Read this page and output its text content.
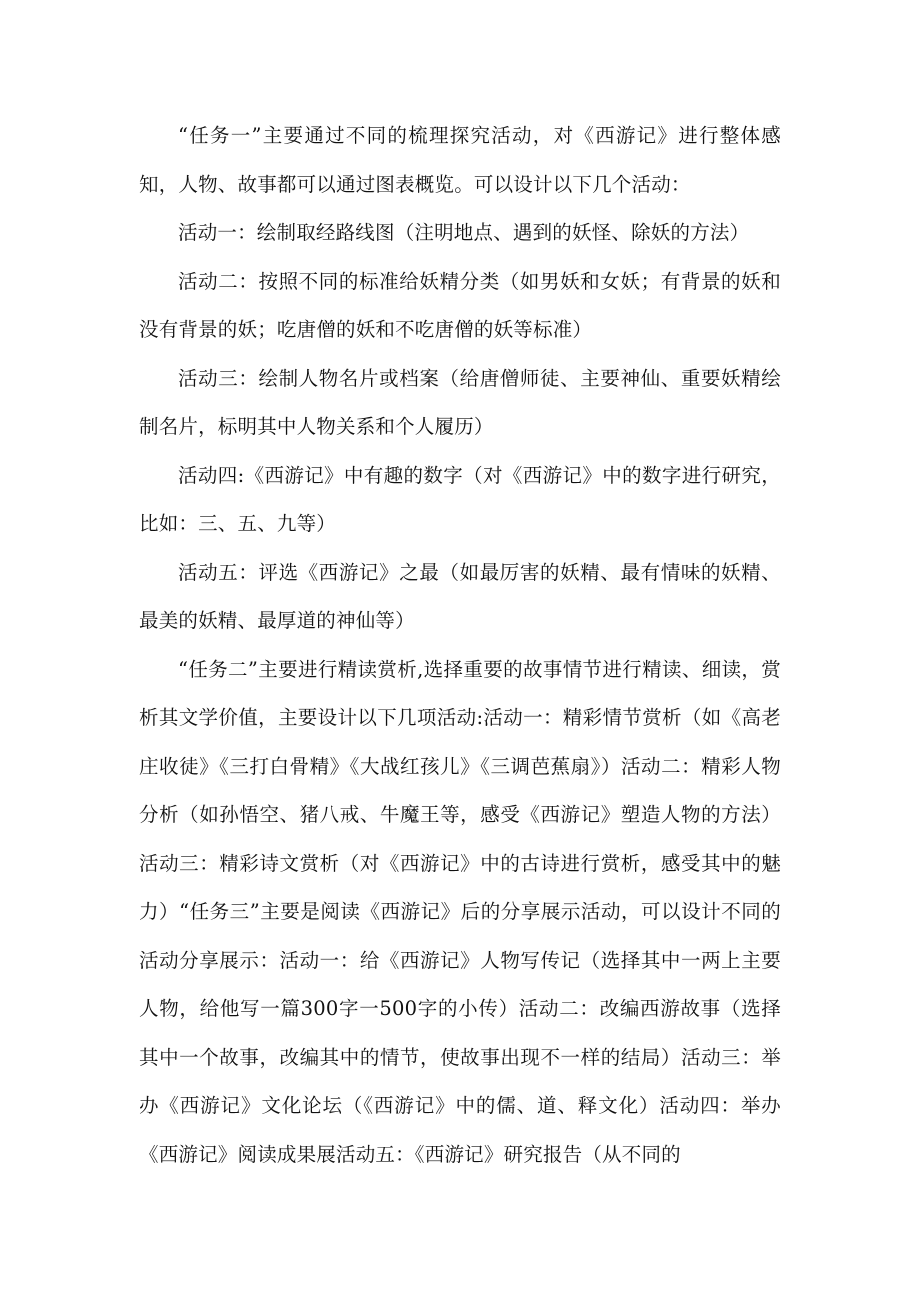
“任务一”主要通过不同的梳理探究活动，对《西游记》进行整体感知，人物、故事都可以通过图表概览。可以设计以下几个活动：

活动一：绘制取经路线图（注明地点、遇到的妖怪、除妖的方法）

活动二：按照不同的标准给妖精分类（如男妖和女妖；有背景的妖和没有背景的妖；吃唐僧的妖和不吃唐僧的妖等标准）

活动三：绘制人物名片或档案（给唐僧师徒、主要神仙、重要妖精绘制名片，标明其中人物关系和个人履历）

活动四:《西游记》中有趣的数字（对《西游记》中的数字进行研究，比如：三、五、九等）

活动五：评选《西游记》之最（如最厉害的妖精、最有情味的妖精、最美的妖精、最厚道的神仙等）

“任务二”主要进行精读赏析,选择重要的故事情节进行精读、细读，赏析其文学价值，主要设计以下几项活动:活动一：精彩情节赏析（如《高老庄收徒》《三打白骨精》《大战红孩儿》《三调芭蕉扇》）活动二：精彩人物分析（如孙悟空、猪八戒、牛魔王等，感受《西游记》塑造人物的方法）活动三：精彩诗文赏析（对《西游记》中的古诗进行赏析，感受其中的魅力）“任务三”主要是阅读《西游记》后的分享展示活动，可以设计不同的活动分享展示：活动一：给《西游记》人物写传记（选择其中一两上主要人物，给他写一篇300字一500字的小传）活动二：改编西游故事（选择其中一个故事，改编其中的情节，使故事出现不一样的结局）活动三：举办《西游记》文化论坛（《西游记》中的儒、道、释文化）活动四：举办《西游记》阅读成果展活动五：《西游记》研究报告（从不同的
